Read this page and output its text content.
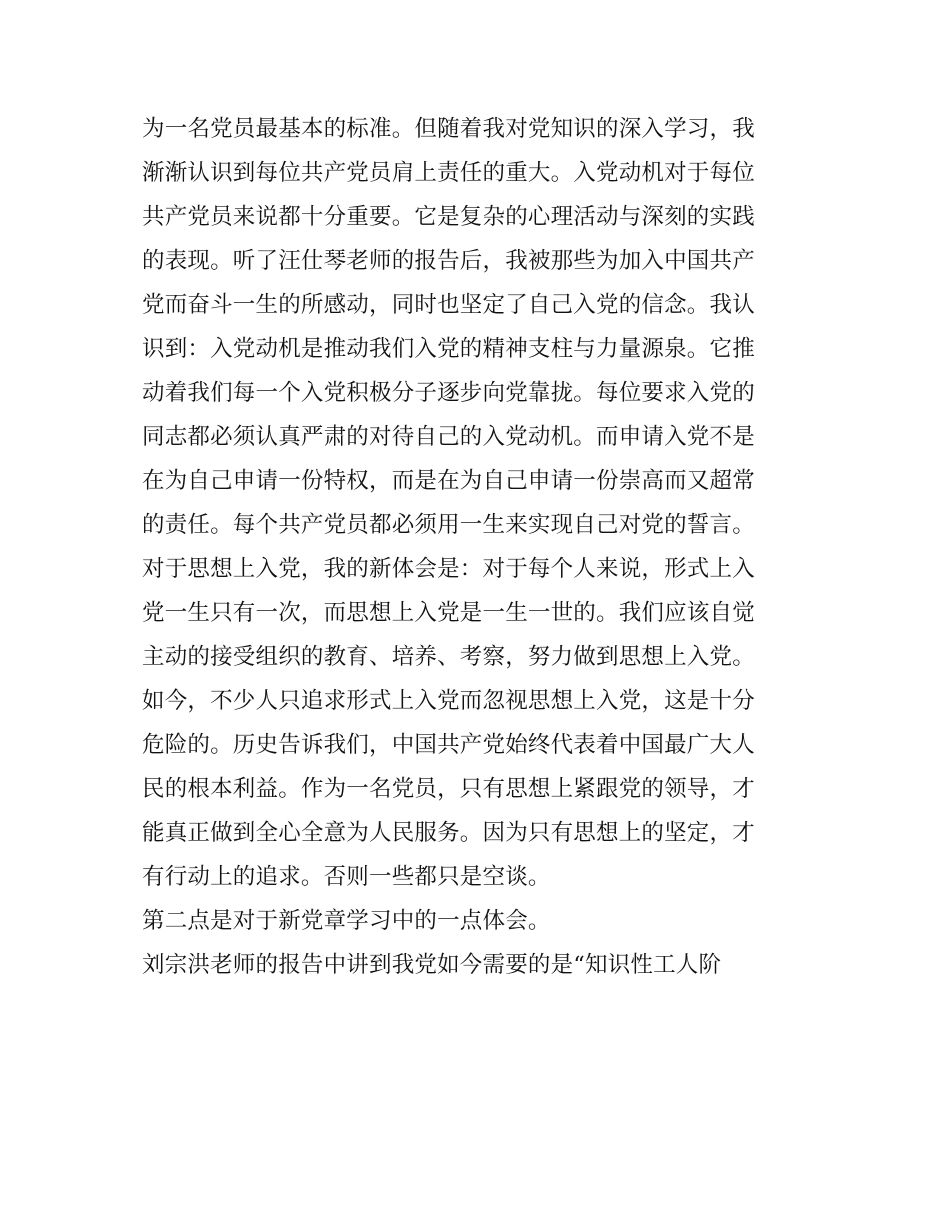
为一名党员最基本的标准。但随着我对党知识的深入学习，我
渐渐认识到每位共产党员肩上责任的重大。入党动机对于每位
共产党员来说都十分重要。它是复杂的心理活动与深刻的实践
的表现。听了汪仕琴老师的报告后，我被那些为加入中国共产
党而奋斗一生的所感动，同时也坚定了自己入党的信念。我认
识到：入党动机是推动我们入党的精神支柱与力量源泉。它推
动着我们每一个入党积极分子逐步向党靠拢。每位要求入党的
同志都必须认真严肃的对待自己的入党动机。而申请入党不是
在为自己申请一份特权，而是在为自己申请一份崇高而又超常
的责任。每个共产党员都必须用一生来实现自己对党的誓言。
对于思想上入党，我的新体会是：对于每个人来说，形式上入
党一生只有一次，而思想上入党是一生一世的。我们应该自觉
主动的接受组织的教育、培养、考察，努力做到思想上入党。
如今，不少人只追求形式上入党而忽视思想上入党，这是十分
危险的。历史告诉我们，中国共产党始终代表着中国最广大人
民的根本利益。作为一名党员，只有思想上紧跟党的领导，才
能真正做到全心全意为人民服务。因为只有思想上的坚定，才
有行动上的追求。否则一些都只是空谈。
第二点是对于新党章学习中的一点体会。
刘宗洪老师的报告中讲到我党如今需要的是“知识性工人阶
